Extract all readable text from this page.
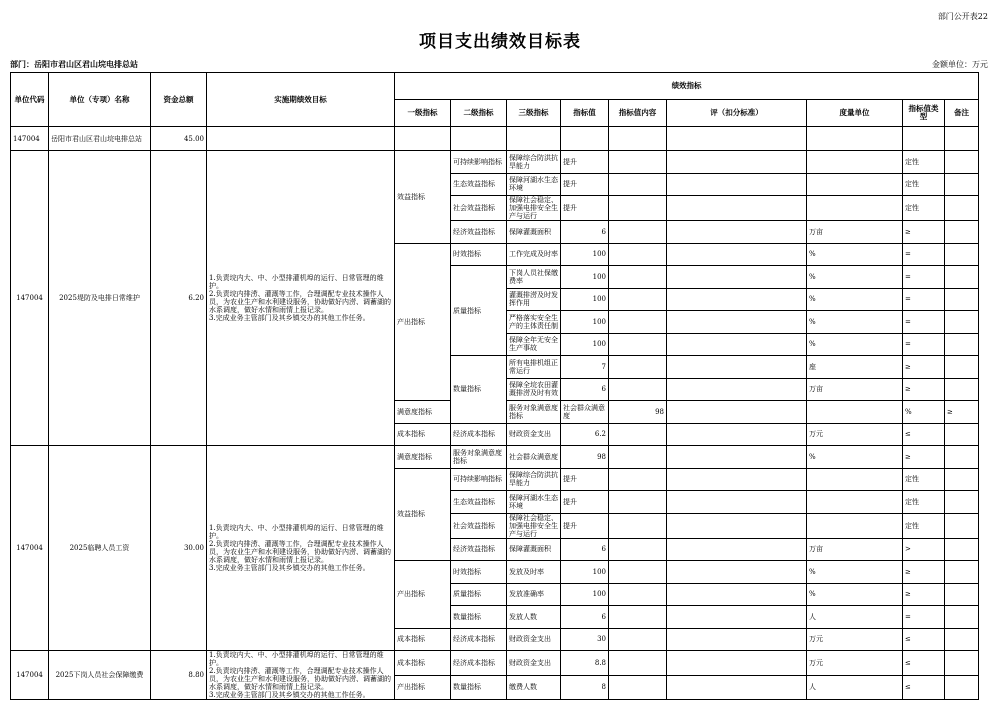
部门公开表22
项目支出绩效目标表
部门：岳阳市君山区君山垸电排总站	金额单位：万元
单位代码	单位（专项）名称	资金总额	实施期绩效目标	绩效指标									
				一级指标	二级指标	三级指标	指标值	指标值内容	评（扣分标准）	度量单位	指标值类型	备注	
147004	岳阳市君山区君山垸电排总站	45.00											
147004	2025堤防及电排日常维护	6.20	1.负责垸内大、中、小型排灌机埠的运行、日常管理的维护。
2.负责垸内排涝、灌溉等工作，合理调配专业技术操作人员，为农业生产和水利建设服务，协助做好内涝、调蓄湖的水系调度，做好水情和雨情上报记录。
3.完成业务主管部门及其乡镇交办的其他工作任务。	效益指标	可持续影响指标	保障综合防洪抗旱能力	提升				定性		
					生态效益指标	保障河湖水生态环境	提升				定性		
					社会效益指标	保障社会稳定、加强电排安全生产与运行	提升				定性		
					经济效益指标	保障灌溉面积	6			万亩	≥		
				产出指标	时效指标	工作完成及时率	100			%	=		
					质量指标	下岗人员社保缴费率	100			%	=		
						灌溉排涝及时发挥作用	100			%	=		
						严格落实安全生产的主体责任制	100			%	=		
						保障全年无安全生产事故	100			%	=		
					数量指标	所有电排机组正常运行	7			座	≥		
						保障全垸农田灌溉排涝及时有效	6			万亩	≥		
				满意度指标		服务对象满意度指标	社会群众满意度	98			%	≥	
				成本指标	经济成本指标	财政资金支出	6.2			万元	≤		
147004	2025临聘人员工资	30.00	1.负责垸内大、中、小型排灌机埠的运行、日常管理的维护。
2.负责垸内排涝、灌溉等工作，合理调配专业技术操作人员，为农业生产和水利建设服务，协助做好内涝、调蓄湖的水系调度，做好水情和雨情上报记录。
3.完成业务主管部门及其乡镇交办的其他工作任务。	满意度指标	服务对象满意度指标	社会群众满意度	98			%	≥		
				效益指标	可持续影响指标	保障综合防洪抗旱能力	提升				定性		
					生态效益指标	保障河湖水生态环境	提升				定性		
					社会效益指标	保障社会稳定、加强电排安全生产与运行	提升				定性		
					经济效益指标	保障灌溉面积	6			万亩	>		
				产出指标	时效指标	发放及时率	100			%	≥		
					质量指标	发放准确率	100			%	≥		
					数量指标	发放人数	6			人	=		
				成本指标	经济成本指标	财政资金支出	30			万元	≤		
147004	2025下岗人员社会保障缴费	8.80	1.负责垸内大、中、小型排灌机埠的运行、日常管理的维护。
2.负责垸内排涝、灌溉等工作，合理调配专业技术操作人员，为农业生产和水利建设服务，协助做好内涝、调蓄湖的水系调度，做好水情和雨情上报记录。
3.完成业务主管部门及其乡镇交办的其他工作任务。	成本指标	经济成本指标	财政资金支出	8.8			万元	≤		
				产出指标	数量指标	缴费人数	8			人	≤		
